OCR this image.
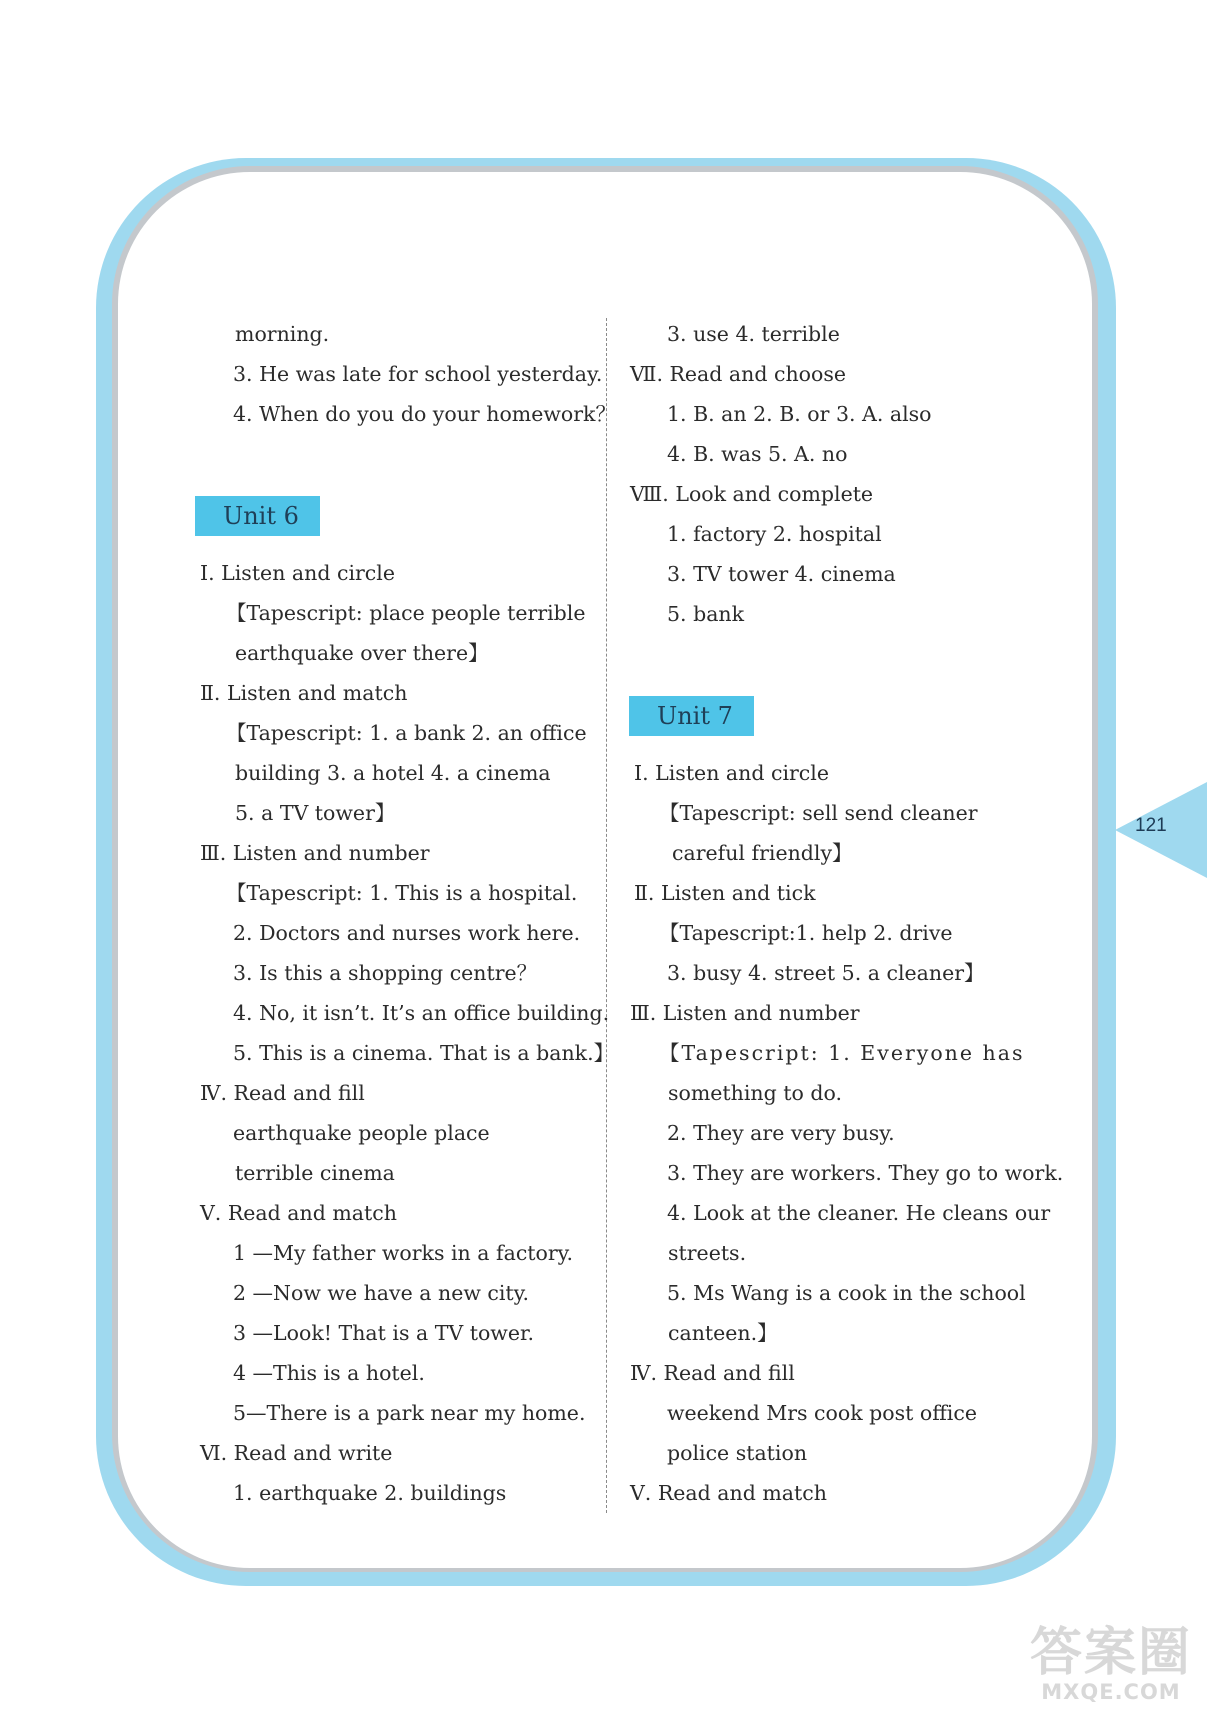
morning.
3. He was late for school yesterday.
4. When do you do your homework？
Unit 6
Ⅰ. Listen and circle
【Tapescript: place people terrible
earthquake over there】
Ⅱ. Listen and match
【Tapescript: 1. a bank 2. an office
building 3. a hotel 4. a cinema
5. a TV tower】
Ⅲ. Listen and number
【Tapescript: 1. This is a hospital.
2. Doctors and nurses work here.
3. Is this a shopping centre？
4. No, it isn’t. It’s an office building.
5. This is a cinema. That is a bank.】
Ⅳ. Read and fill
earthquake people place
terrible cinema
Ⅴ. Read and match
1 —My father works in a factory.
2 —Now we have a new city.
3 —Look! That is a TV tower.
4 —This is a hotel.
5—There is a park near my home.
Ⅵ. Read and write
1. earthquake 2. buildings
3. use 4. terrible
Ⅶ. Read and choose
1. B. an 2. B. or 3. A. also
4. B. was 5. A. no
Ⅷ. Look and complete
1. factory 2. hospital
3. TV tower 4. cinema
5. bank
Unit 7
Ⅰ. Listen and circle
【Tapescript: sell send cleaner
careful friendly】
Ⅱ. Listen and tick
【Tapescript:1. help 2. drive
3. busy 4. street 5. a cleaner】
Ⅲ. Listen and number
【Tapescript: 1. Everyone has
something to do.
2. They are very busy.
3. They are workers. They go to work.
4. Look at the cleaner. He cleans our
streets.
5. Ms Wang is a cook in the school
canteen.】
Ⅳ. Read and fill
weekend Mrs cook post office
police station
Ⅴ. Read and match
121
答案圈
MXQE.COM
